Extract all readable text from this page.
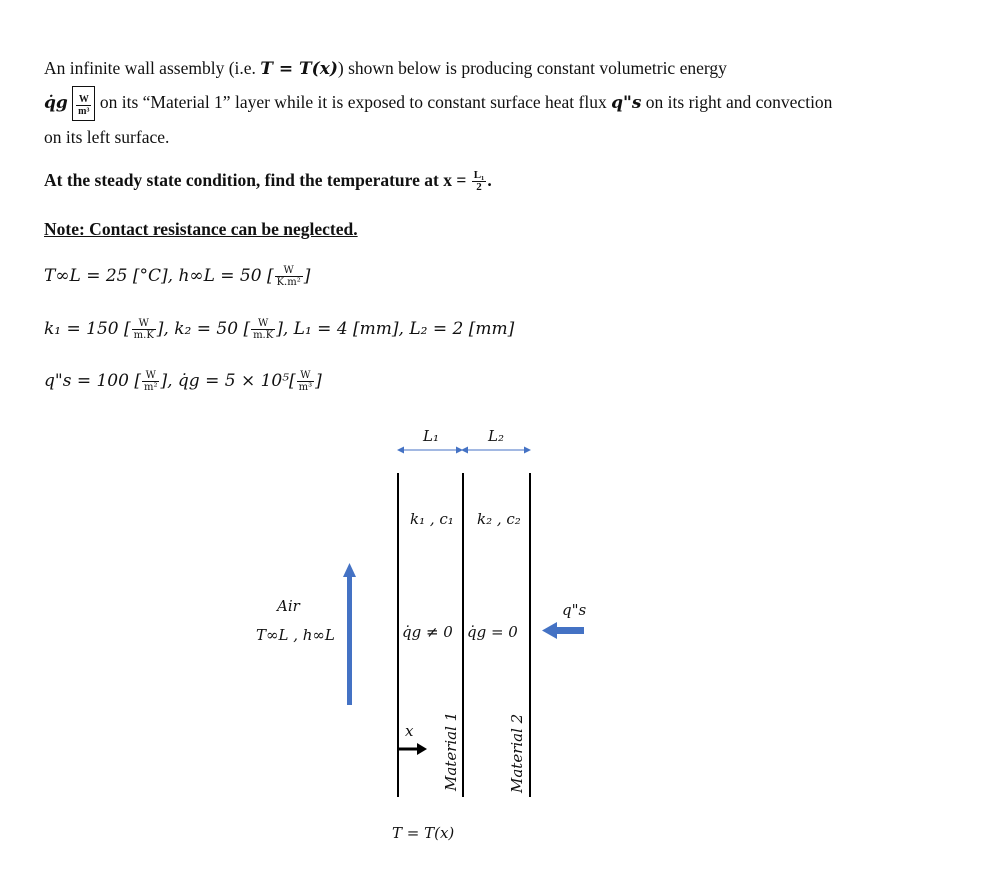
An infinite wall assembly (i.e. T = T(x)) shown below is producing constant volumetric energy
q̇g $\frac{W}{\text{m³}}$ on its “Material 1” layer while it is exposed to constant surface heat flux q"s on its right and convection
on its left surface.
At the steady state condition, find the temperature at $x = \frac{\text{L₁}}{2}$ .
Note: Contact resistance can be neglected.
T∞L = 25 [°C], h∞L = 50 [ $\frac{W}{\text{K.m²}}$ ]
k₁ = 150 [ $\frac{W}{m.K}$ ], k₂ = 50 [ $\frac{W}{m.K}$ ], L₁ = 4 [mm], L₂ = 2 [mm]
q"s = 100 [ $\frac{W}{\text{m²}}$ ], q̇g = $5 \times 10^5[ \frac{W}{\text{m³}}$ ]
L₁	L₂
k₁ , c₁ k₂ , c₂
Air
T∞L , h∞L	q̇g ≠ 0 q̇g = 0
q"s
x Material 1	Material 2
T = T(x)
